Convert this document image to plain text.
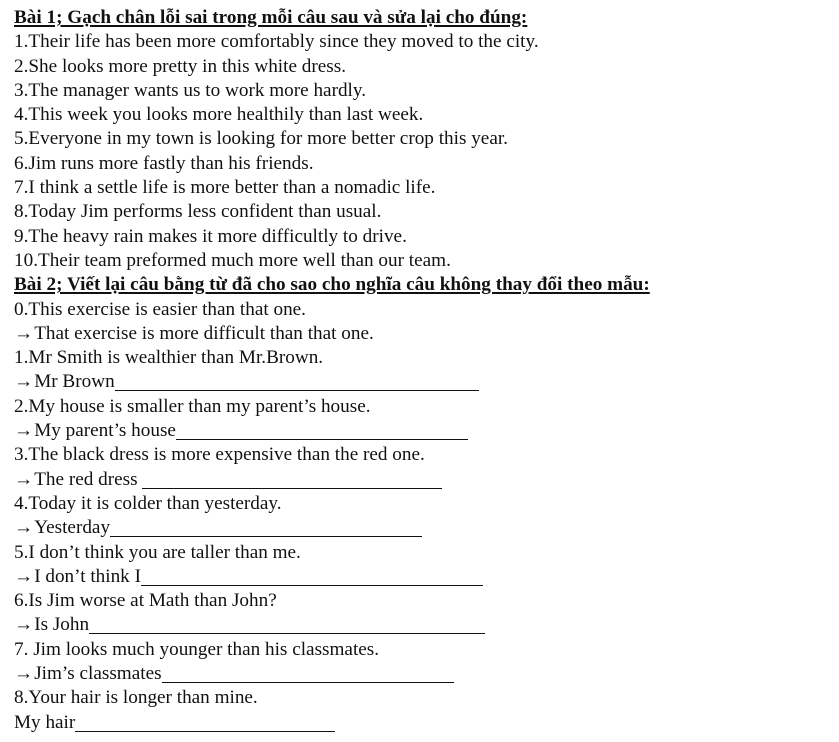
Bài 1; Gạch chân lỗi sai trong mỗi câu sau và sửa lại cho đúng:
1.Their life has been more comfortably since they moved to the city.
2.She looks more pretty in this white dress.
3.The manager wants us to work more hardly.
4.This week you looks more healthily than last week.
5.Everyone in my town is looking for more better crop this year.
6.Jim runs more fastly than his friends.
7.I think a settle life is more better than a nomadic life.
8.Today Jim performs less confident than usual.
9.The heavy rain makes it more difficultly to drive.
10.Their team preformed much more well than our team.
Bài 2; Viết lại câu bằng từ đã cho sao cho nghĩa câu không thay đổi theo mẫu:
0.This exercise is easier than that one.
→That exercise is more difficult than that one.
1.Mr Smith is wealthier than Mr.Brown.
→Mr Brown
2.My house is smaller than my parent’s house.
→My parent’s house
3.The black dress is more expensive than the red one.
→The red dress
4.Today it is colder than yesterday.
→Yesterday
5.I don’t think you are taller than me.
→I don’t think I
6.Is Jim worse at Math than John?
→Is John
7. Jim looks much younger than his classmates.
→Jim’s classmates
8.Your hair is longer than mine.
My hair
